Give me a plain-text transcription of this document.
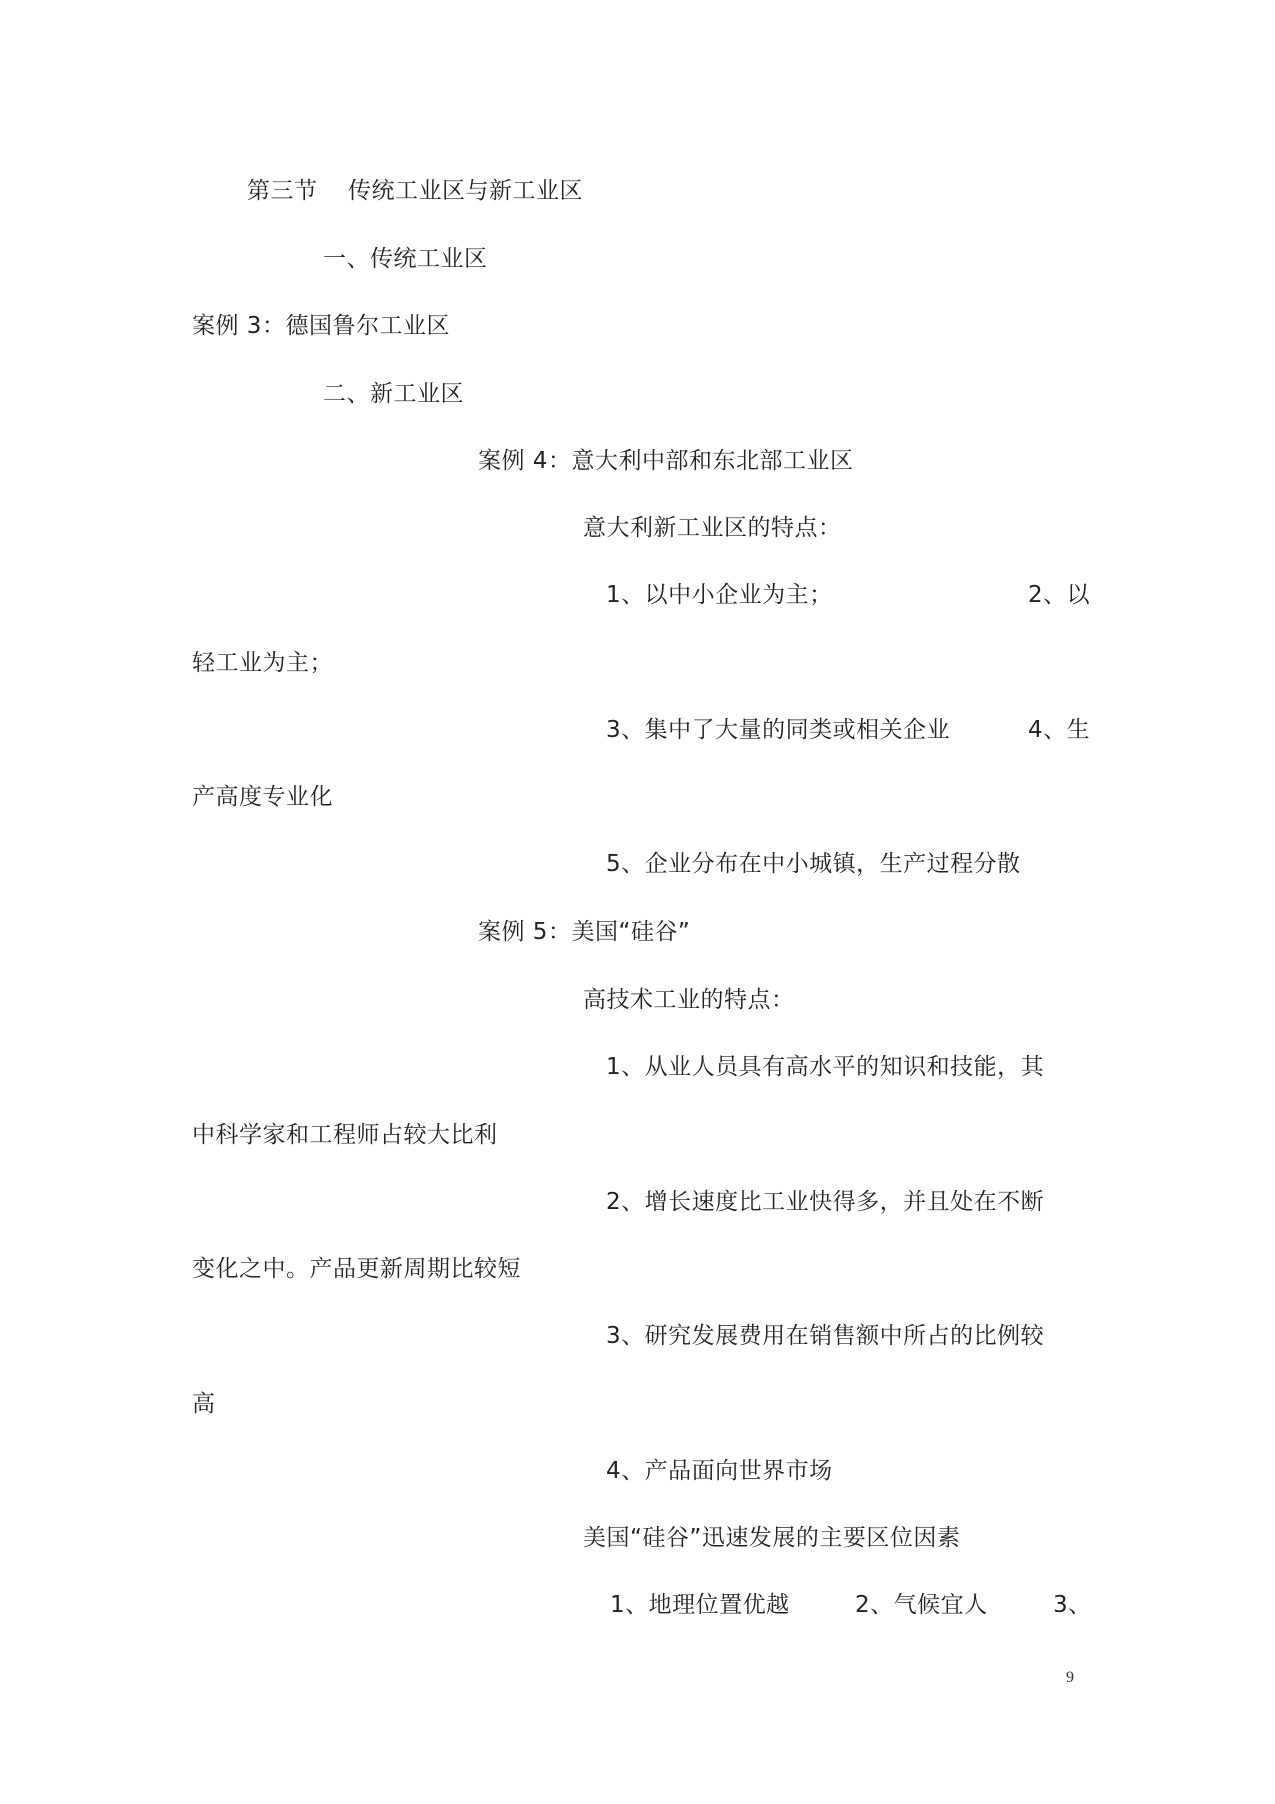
第三节 传统工业区与新工业区
一、传统工业区
案例 3：德国鲁尔工业区
二、新工业区
案例 4：意大利中部和东北部工业区
意大利新工业区的特点：
1、以中小企业为主；	2、以
轻工业为主；
3、集中了大量的同类或相关企业	4、生
产高度专业化
5、企业分布在中小城镇，生产过程分散
案例 5：美国“硅谷”
高技术工业的特点：
1、从业人员具有高水平的知识和技能，其
中科学家和工程师占较大比利
2、增长速度比工业快得多，并且处在不断
变化之中。产品更新周期比较短
3、研究发展费用在销售额中所占的比例较
高
4、产品面向世界市场
美国“硅谷”迅速发展的主要区位因素
1、地理位置优越	2、气候宜人	3、
9
